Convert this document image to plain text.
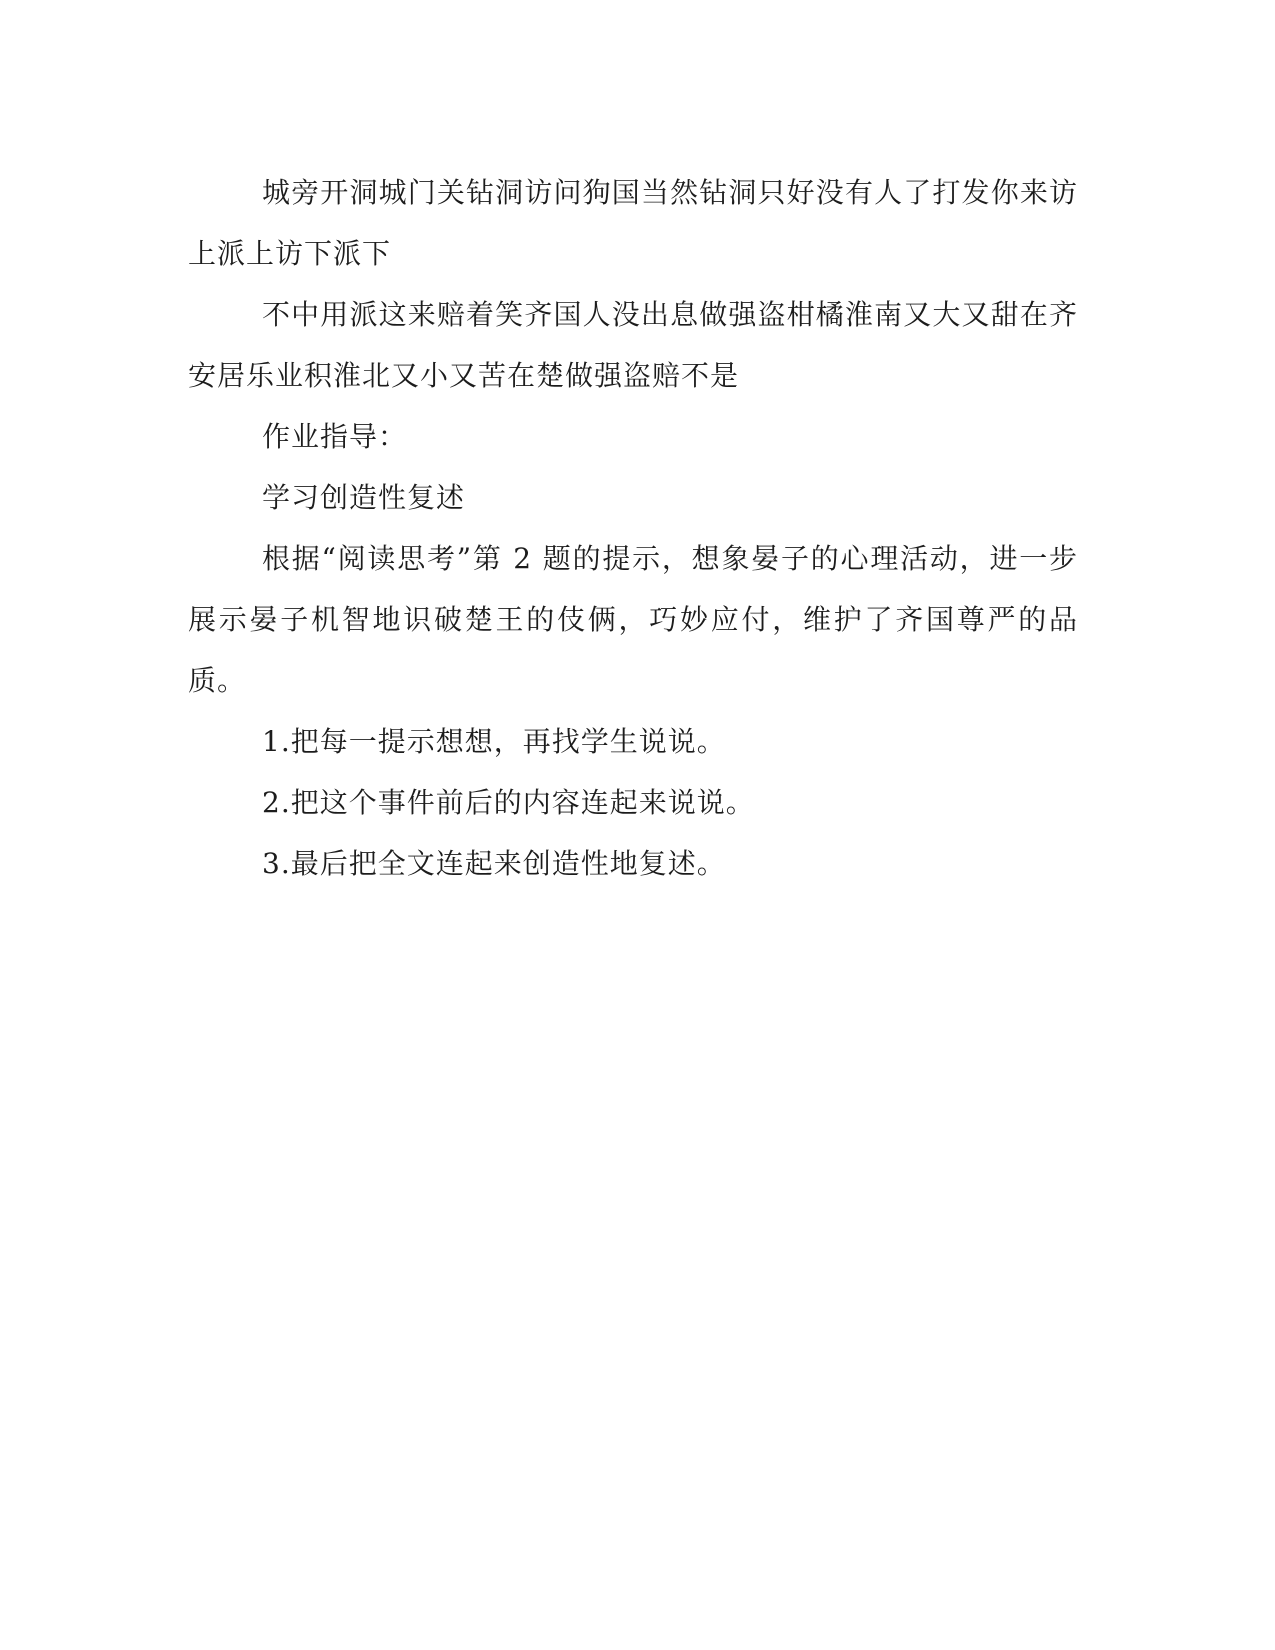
城旁开洞城门关钻洞访问狗国当然钻洞只好没有人了打发你来访上派上访下派下

不中用派这来赔着笑齐国人没出息做强盗柑橘淮南又大又甜在齐安居乐业积淮北又小又苦在楚做强盗赔不是

作业指导：

学习创造性复述

根据“阅读思考”第 2 题的提示，想象晏子的心理活动，进一步展示晏子机智地识破楚王的伎俩，巧妙应付，维护了齐国尊严的品质。

1.把每一提示想想，再找学生说说。

2.把这个事件前后的内容连起来说说。

3.最后把全文连起来创造性地复述。
